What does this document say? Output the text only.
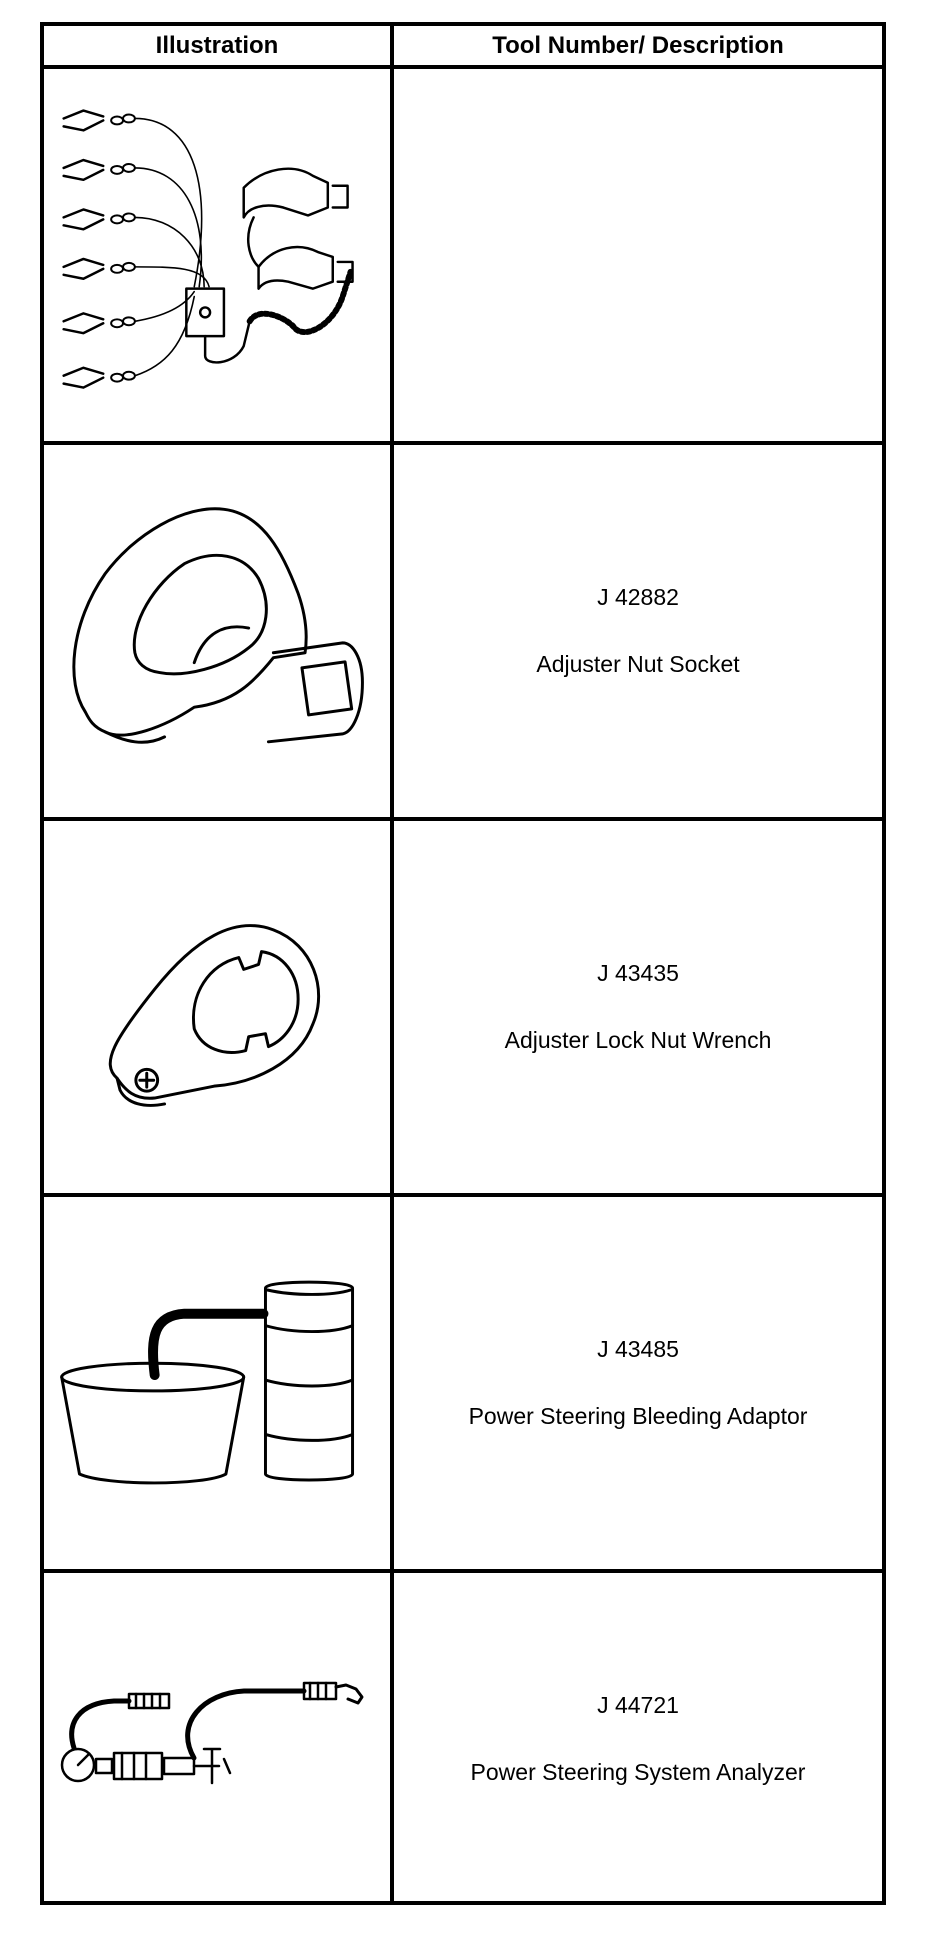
Illustration	Tool Number/ Description
J 42882
Adjuster Nut Socket
J 43435
Adjuster Lock Nut Wrench
J 43485
Power Steering Bleeding Adaptor
J 44721
Power Steering System Analyzer
